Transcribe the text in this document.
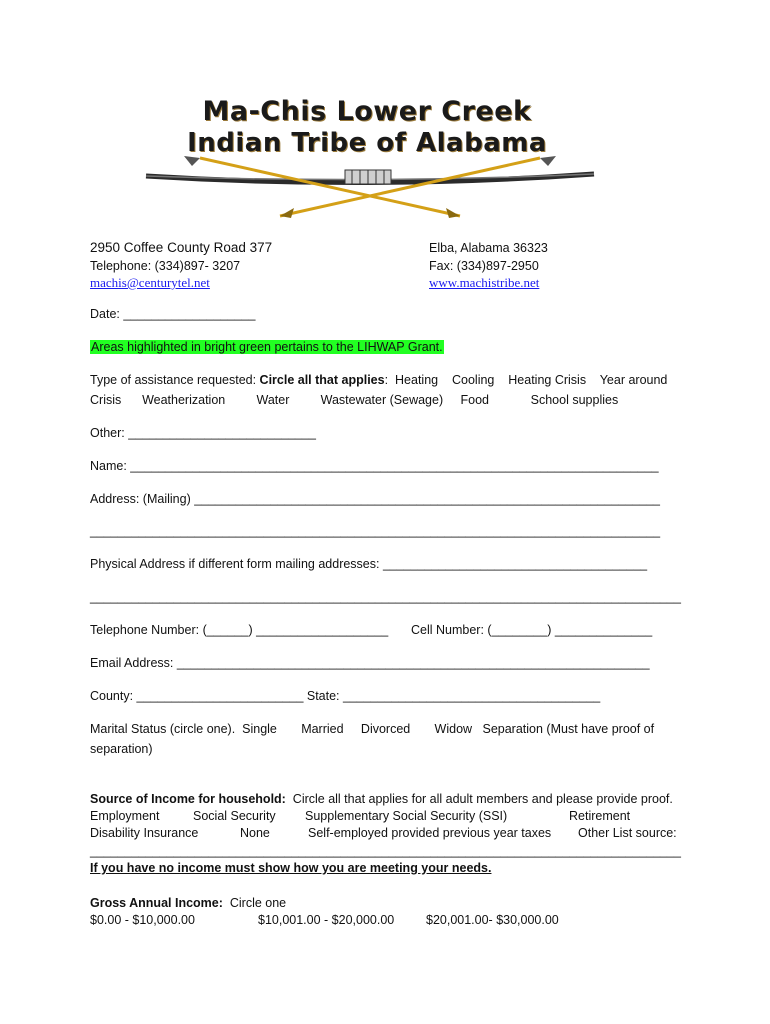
Ma-Chis Lower Creek
Indian Tribe of Alabama
2950 Coffee County Road 377	Elba, Alabama 36323
Telephone: (334)897- 3207	Fax: (334)897-2950
machis@centurytel.net	www.machistribe.net
Date: ___________________
Areas highlighted in bright green pertains to the LIHWAP Grant.
Type of assistance requested: Circle all that applies:  Heating    Cooling    Heating Crisis    Year around
Crisis      Weatherization         Water         Wastewater (Sewage)     Food            School supplies
Other: ___________________________
Name: ____________________________________________________________________________
Address: (Mailing) ___________________________________________________________________
__________________________________________________________________________________
Physical Address if different form mailing addresses: ______________________________________
_____________________________________________________________________________________
Telephone Number: (______) ___________________ Cell Number: (________) ______________
Email Address: ____________________________________________________________________
County: ________________________ State: _____________________________________
Marital Status (circle one).  Single       Married     Divorced       Widow   Separation (Must have proof of
separation)
Source of Income for household:  Circle all that applies for all adult members and please provide proof.
Employment	Social Security Supplementary Social Security (SSI)	Retirement
Disability Insurance	None	Self-employed provided previous year taxes Other List source:
_____________________________________________________________________________________
If you have no income must show how you are meeting your needs.
Gross Annual Income:  Circle one
$0.00 - $10,000.00	$10,001.00 - $20,000.00	$20,001.00- $30,000.00
